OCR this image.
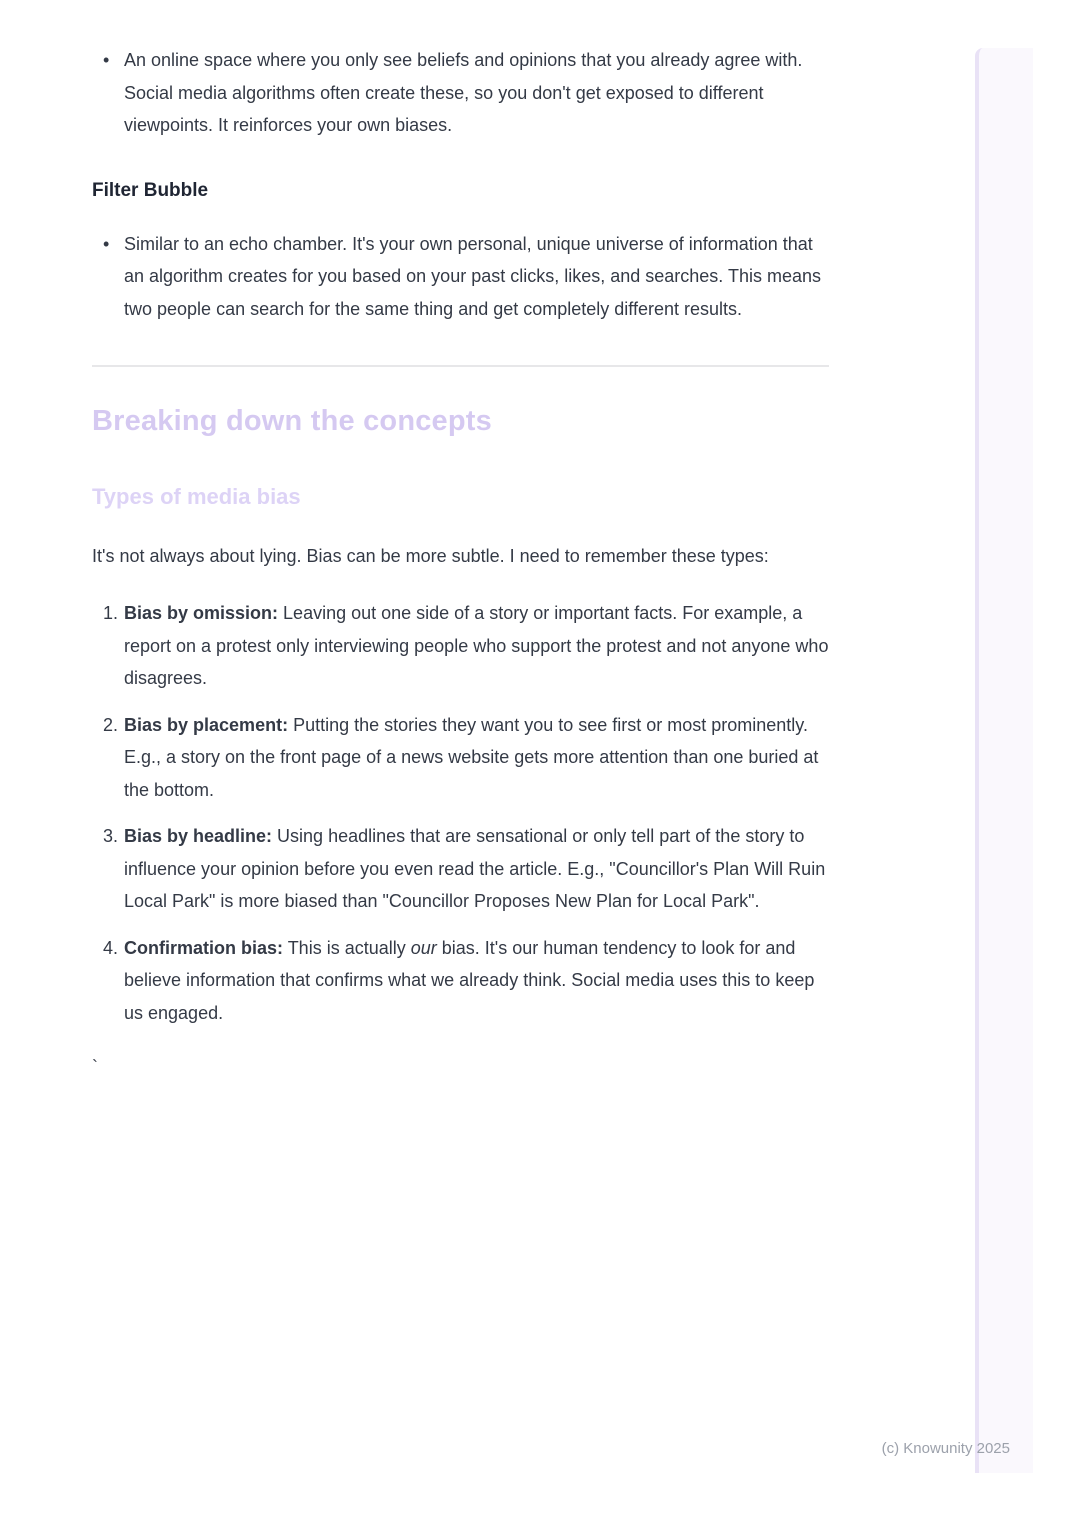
• An online space where you only see beliefs and opinions that you already agree with. Social media algorithms often create these, so you don't get exposed to different viewpoints. It reinforces your own biases.
Filter Bubble
• Similar to an echo chamber. It's your own personal, unique universe of information that an algorithm creates for you based on your past clicks, likes, and searches. This means two people can search for the same thing and get completely different results.
Breaking down the concepts
Types of media bias

It's not always about lying. Bias can be more subtle. I need to remember these types:

1. Bias by omission: Leaving out one side of a story or important facts. For example, a report on a protest only interviewing people who support the protest and not anyone who disagrees.
2. Bias by placement: Putting the stories they want you to see first or most prominently. E.g., a story on the front page of a news website gets more attention than one buried at the bottom.
3. Bias by headline: Using headlines that are sensational or only tell part of the story to influence your opinion before you even read the article. E.g., "Councillor's Plan Will Ruin Local Park" is more biased than "Councillor Proposes New Plan for Local Park".
4. Confirmation bias: This is actually our bias. It's our human tendency to look for and believe information that confirms what we already think. Social media uses this to keep us engaged.
`
(c) Knowunity 2025
